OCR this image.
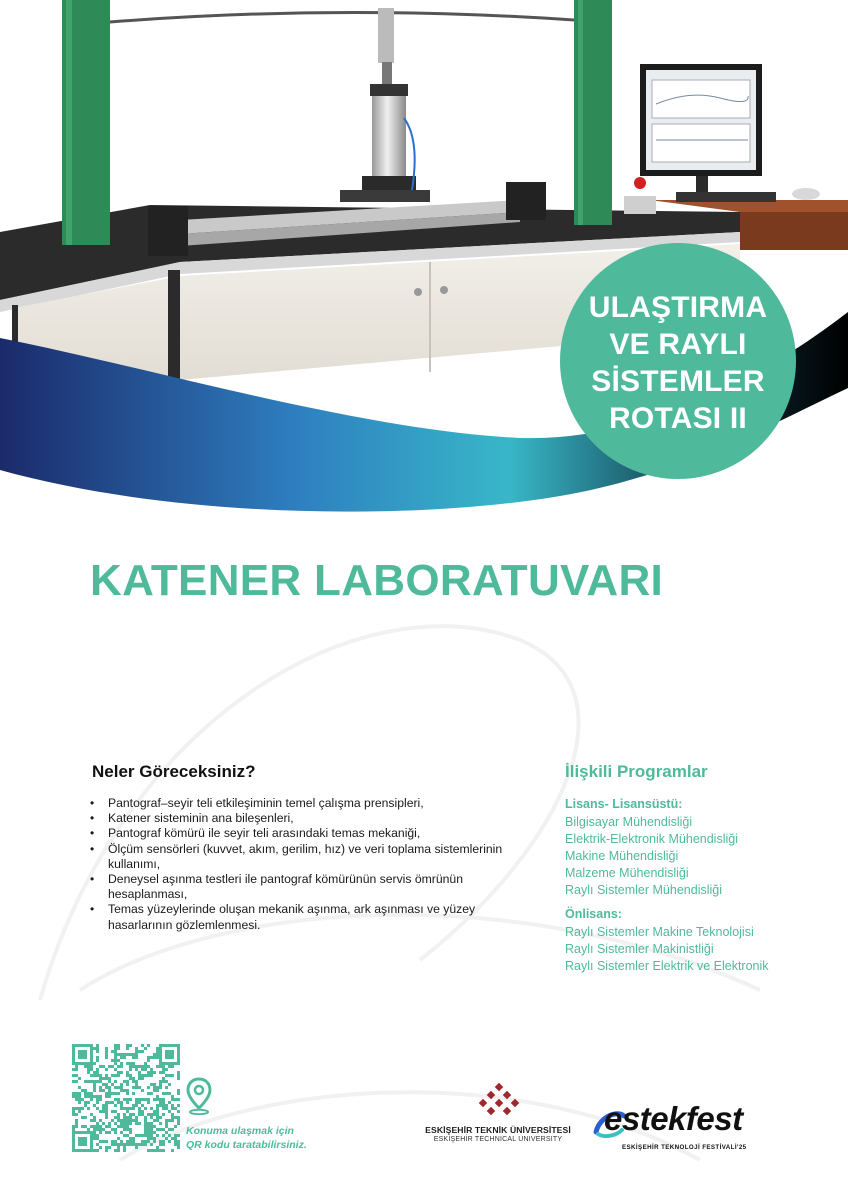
ULAŞTIRMA
VE RAYLI
SİSTEMLER
ROTASI II
KATENER LABORATUVARI
Neler Göreceksiniz?
• Pantograf–seyir teli etkileşiminin temel çalışma prensipleri,
• Katener sisteminin ana bileşenleri,
• Pantograf kömürü ile seyir teli arasındaki temas mekaniği,
• Ölçüm sensörleri (kuvvet, akım, gerilim, hız) ve veri toplama sistemlerinin kullanımı,
• Deneysel aşınma testleri ile pantograf kömürünün servis ömrünün hesaplanması,
• Temas yüzeylerinde oluşan mekanik aşınma, ark aşınması ve yüzey hasarlarının gözlemlenmesi.
İlişkili Programlar
Lisans- Lisansüstü:
Bilgisayar Mühendisliği
Elektrik-Elektronik Mühendisliği
Makine Mühendisliği
Malzeme Mühendisliği
Raylı Sistemler Mühendisliği
Önlisans:
Raylı Sistemler Makine Teknolojisi
Raylı Sistemler Makinistliği
Raylı Sistemler Elektrik ve Elektronik
Konuma ulaşmak için
QR kodu taratabilirsiniz.
ESKİŞEHİR TEKNİK ÜNİVERSİTESİ
ESKİŞEHİR TECHNICAL UNIVERSITY
estekfest
ESKİŞEHİR TEKNOLOJİ FESTİVALİ'25
